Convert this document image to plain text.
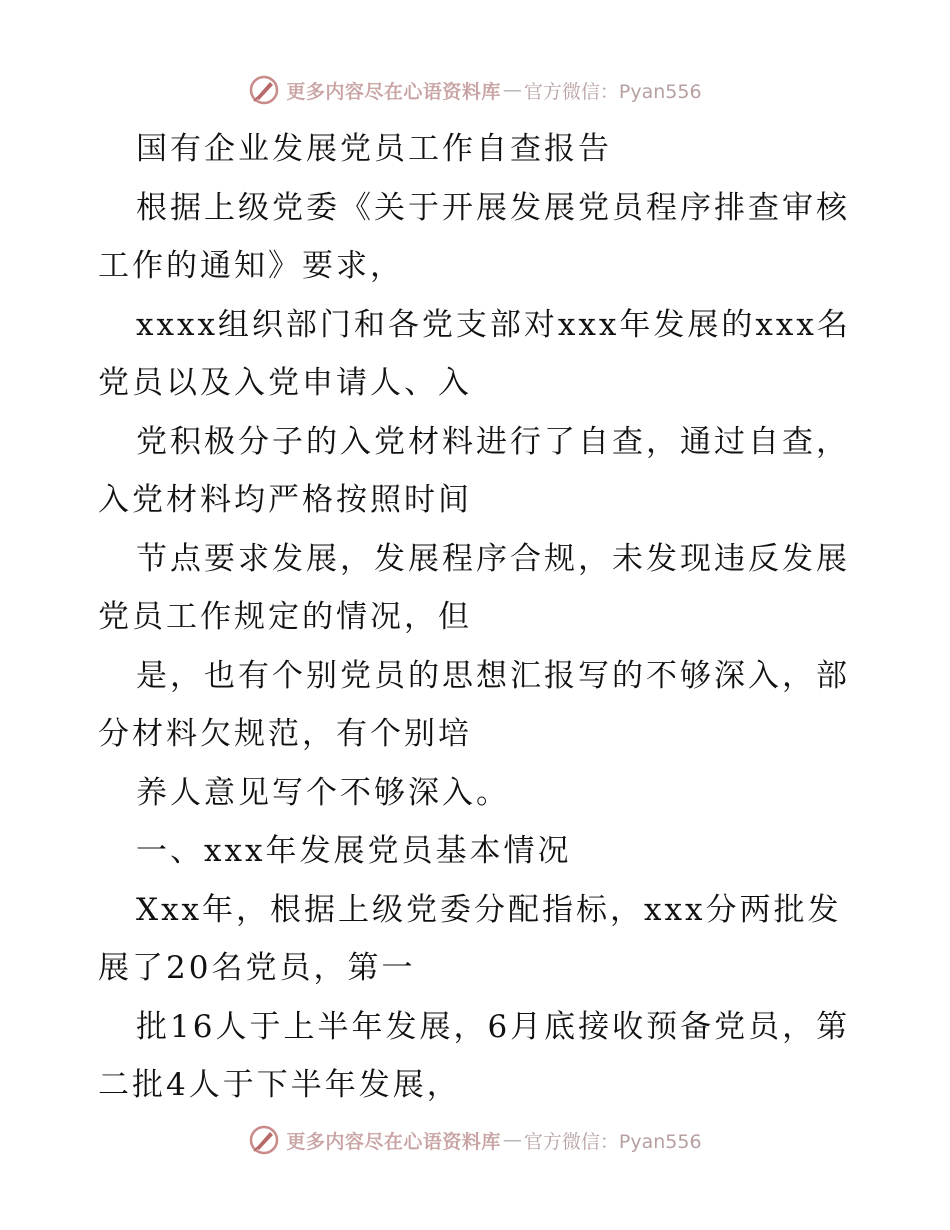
更多内容尽在心语资料库 — 官方微信：Pyan556

国有企业发展党员工作自查报告

根据上级党委《关于开展发展党员程序排查审核工作的通知》要求，

xxxx组织部门和各党支部对xxx年发展的xxx名党员以及入党申请人、入

党积极分子的入党材料进行了自查，通过自查，入党材料均严格按照时间

节点要求发展，发展程序合规，未发现违反发展党员工作规定的情况，但

是，也有个别党员的思想汇报写的不够深入，部分材料欠规范，有个别培

养人意见写个不够深入。

一、xxx年发展党员基本情况

Xxx年，根据上级党委分配指标，xxx分两批发展了20名党员，第一

批16人于上半年发展，6月底接收预备党员，第二批4人于下半年发展，

更多内容尽在心语资料库 — 官方微信：Pyan556
